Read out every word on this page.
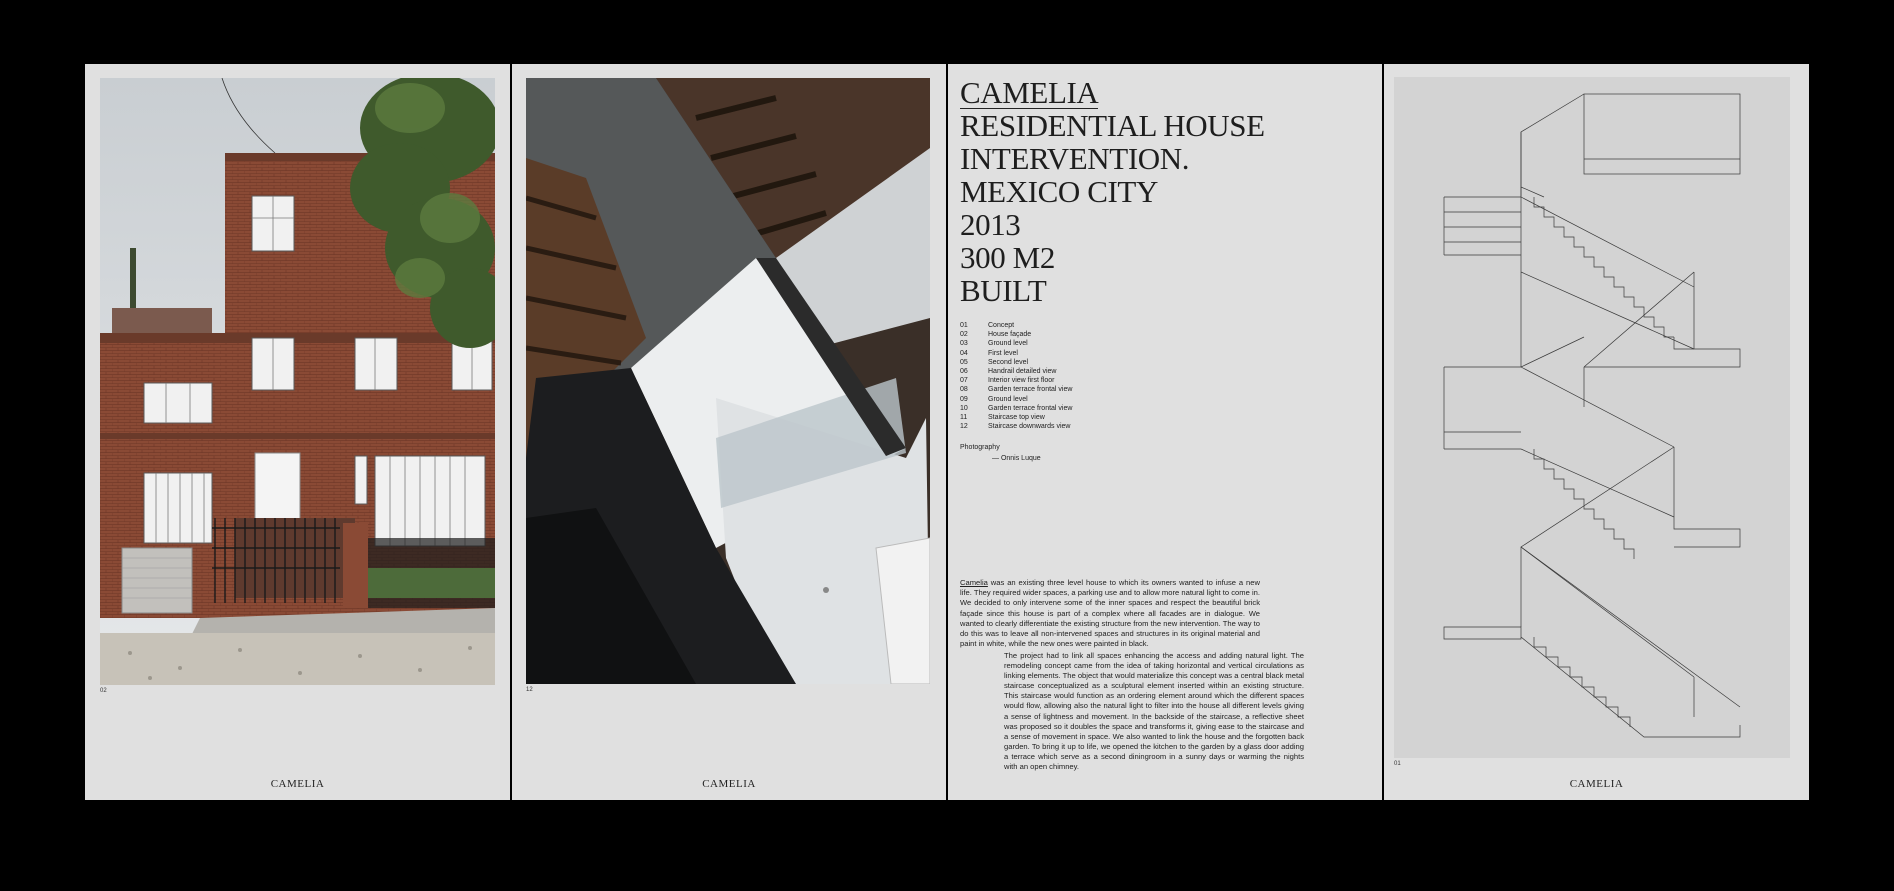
02
CAMELIA
12
CAMELIA
CAMELIA
RESIDENTIAL HOUSE
INTERVENTION.
MEXICO CITY
2013
300 M2
BUILT
01	Concept
02	House façade
03	Ground level
04	First level
05	Second level
06	Handrail detailed view
07	Interior view first floor
08	Garden terrace frontal view
09	Ground level
10	Garden terrace frontal view
11	Staircase top view
12	Staircase downwards view
Photography
— Onnis Luque
Camelia was an existing three level house to which its owners wanted to infuse a new life. They required wider spaces, a parking use and to allow more natural light to come in. We decided to only intervene some of the inner spaces and respect the beautiful brick façade since this house is part of a complex where all facades are in dialogue. We wanted to clearly differentiate the existing structure from the new intervention. The way to do this was to leave all non-intervened spaces and structures in its original material and paint in white, while the new ones were painted in black.
The project had to link all spaces enhancing the access and adding natural light. The remodeling concept came from the idea of taking horizontal and vertical circulations as linking elements. The object that would materialize this concept was a central black metal staircase conceptualized as a sculptural element inserted within an existing structure. This staircase would function as an ordering element around which the different spaces would flow, allowing also the natural light to filter into the house all different levels giving a sense of lightness and movement. In the backside of the staircase, a reflective sheet was proposed so it doubles the space and transforms it, giving ease to the staircase and a sense of movement in space. We also wanted to link the house and the forgotten back garden. To bring it up to life, we opened the kitchen to the garden by a glass door adding a terrace which serve as a second diningroom in a sunny days or warming the nights with an open chimney.	01
CAMELIA
